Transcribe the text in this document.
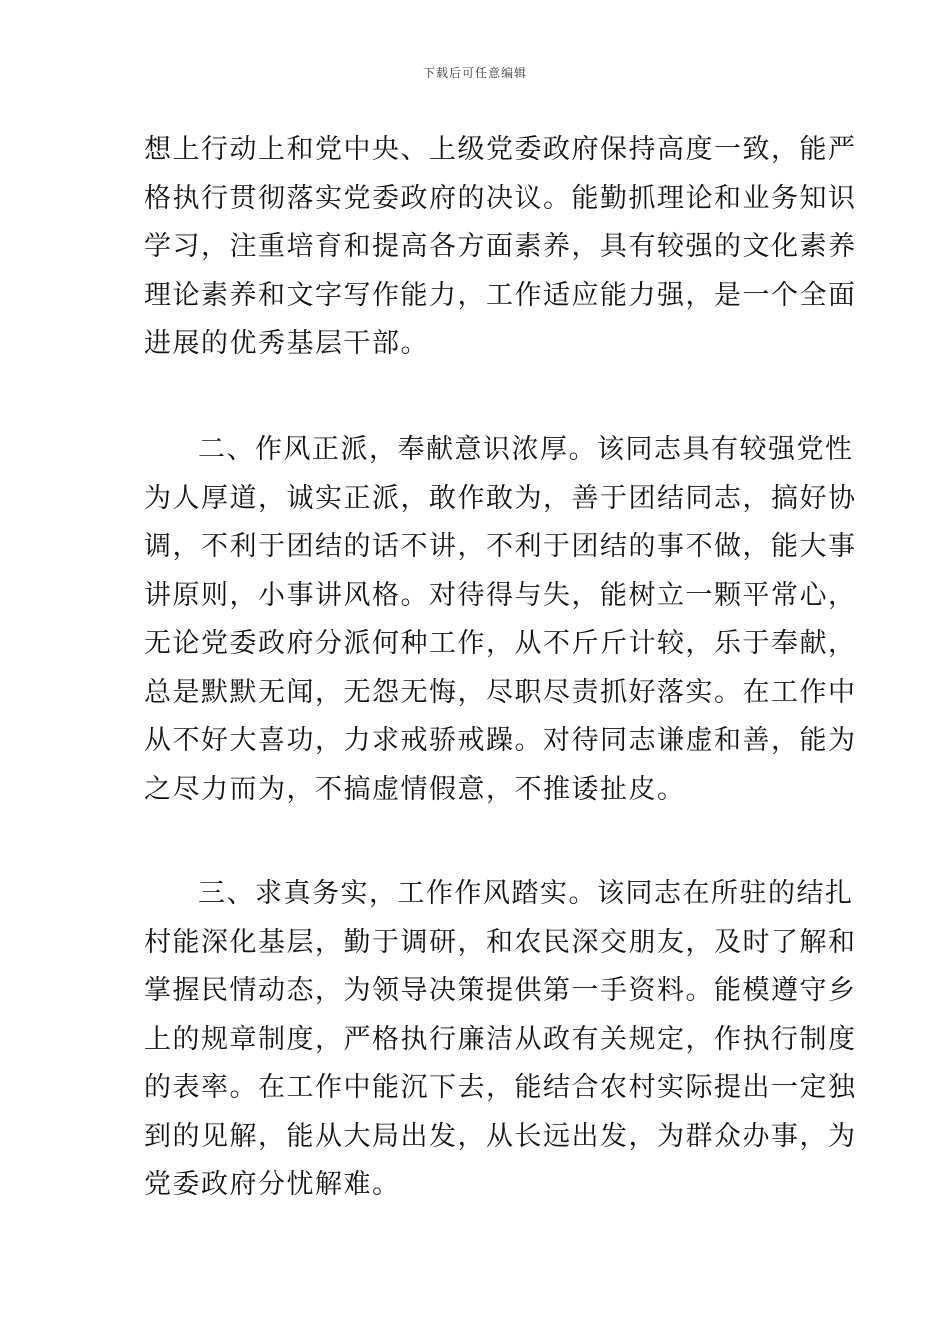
下载后可任意编辑
想上行动上和党中央、上级党委政府保持高度一致，能严
格执行贯彻落实党委政府的决议。能勤抓理论和业务知识
学习，注重培育和提高各方面素养，具有较强的文化素养
理论素养和文字写作能力，工作适应能力强，是一个全面
进展的优秀基层干部。
二、作风正派，奉献意识浓厚。该同志具有较强党性
为人厚道，诚实正派，敢作敢为，善于团结同志，搞好协
调，不利于团结的话不讲，不利于团结的事不做，能大事
讲原则，小事讲风格。对待得与失，能树立一颗平常心，
无论党委政府分派何种工作，从不斤斤计较，乐于奉献，
总是默默无闻，无怨无悔，尽职尽责抓好落实。在工作中
从不好大喜功，力求戒骄戒躁。对待同志谦虚和善，能为
之尽力而为，不搞虚情假意，不推诿扯皮。
三、求真务实，工作作风踏实。该同志在所驻的结扎
村能深化基层，勤于调研，和农民深交朋友，及时了解和
掌握民情动态，为领导决策提供第一手资料。能模遵守乡
上的规章制度，严格执行廉洁从政有关规定，作执行制度
的表率。在工作中能沉下去，能结合农村实际提出一定独
到的见解，能从大局出发，从长远出发，为群众办事，为
党委政府分忧解难。
